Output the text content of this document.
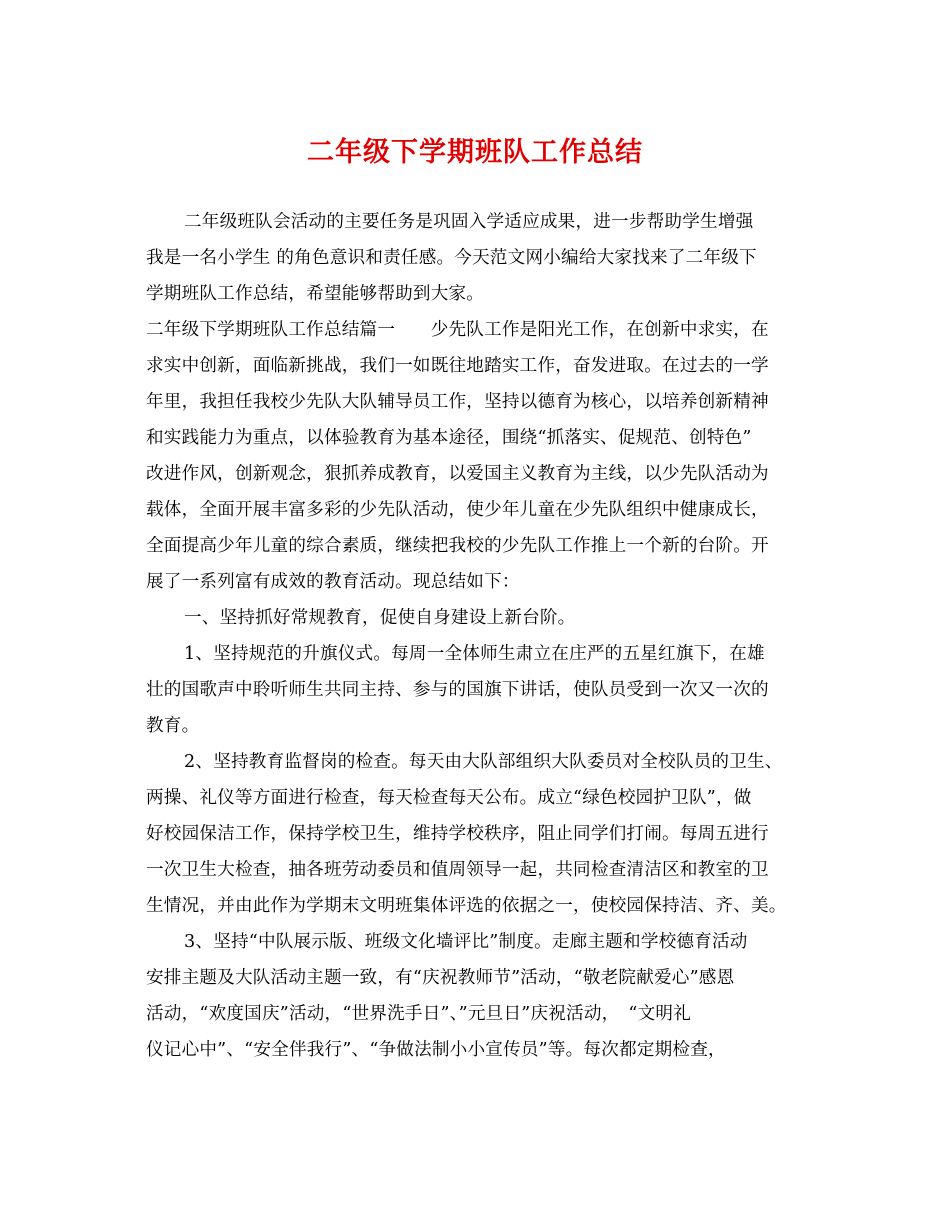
二年级下学期班队工作总结
二年级班队会活动的主要任务是巩固入学适应成果，进一步帮助学生增强
我是一名小学生 的角色意识和责任感。今天范文网小编给大家找来了二年级下
学期班队工作总结，希望能够帮助到大家。
二年级下学期班队工作总结篇一　　少先队工作是阳光工作，在创新中求实，在
求实中创新，面临新挑战，我们一如既往地踏实工作，奋发进取。在过去的一学
年里，我担任我校少先队大队辅导员工作，坚持以德育为核心，以培养创新精神
和实践能力为重点，以体验教育为基本途径，围绕“抓落实、促规范、创特色”
改进作风，创新观念，狠抓养成教育，以爱国主义教育为主线，以少先队活动为
载体，全面开展丰富多彩的少先队活动，使少年儿童在少先队组织中健康成长，
全面提高少年儿童的综合素质，继续把我校的少先队工作推上一个新的台阶。开
展了一系列富有成效的教育活动。现总结如下：
一、坚持抓好常规教育，促使自身建设上新台阶。
1、坚持规范的升旗仪式。每周一全体师生肃立在庄严的五星红旗下，在雄
壮的国歌声中聆听师生共同主持、参与的国旗下讲话，使队员受到一次又一次的
教育。
2、坚持教育监督岗的检查。每天由大队部组织大队委员对全校队员的卫生、
两操、礼仪等方面进行检查，每天检查每天公布。成立“绿色校园护卫队”，做
好校园保洁工作，保持学校卫生，维持学校秩序，阻止同学们打闹。每周五进行
一次卫生大检查，抽各班劳动委员和值周领导一起，共同检查清洁区和教室的卫
生情况，并由此作为学期末文明班集体评选的依据之一，使校园保持洁、齐、美。
3、坚持“中队展示版、班级文化墙评比”制度。走廊主题和学校德育活动
安排主题及大队活动主题一致，有“庆祝教师节”活动，“敬老院献爱心”感恩
活动，“欢度国庆”活动，“世界洗手日”、”元旦日”庆祝活动，　“文明礼
仪记心中”、“安全伴我行”、“争做法制小小宣传员”等。每次都定期检查，
